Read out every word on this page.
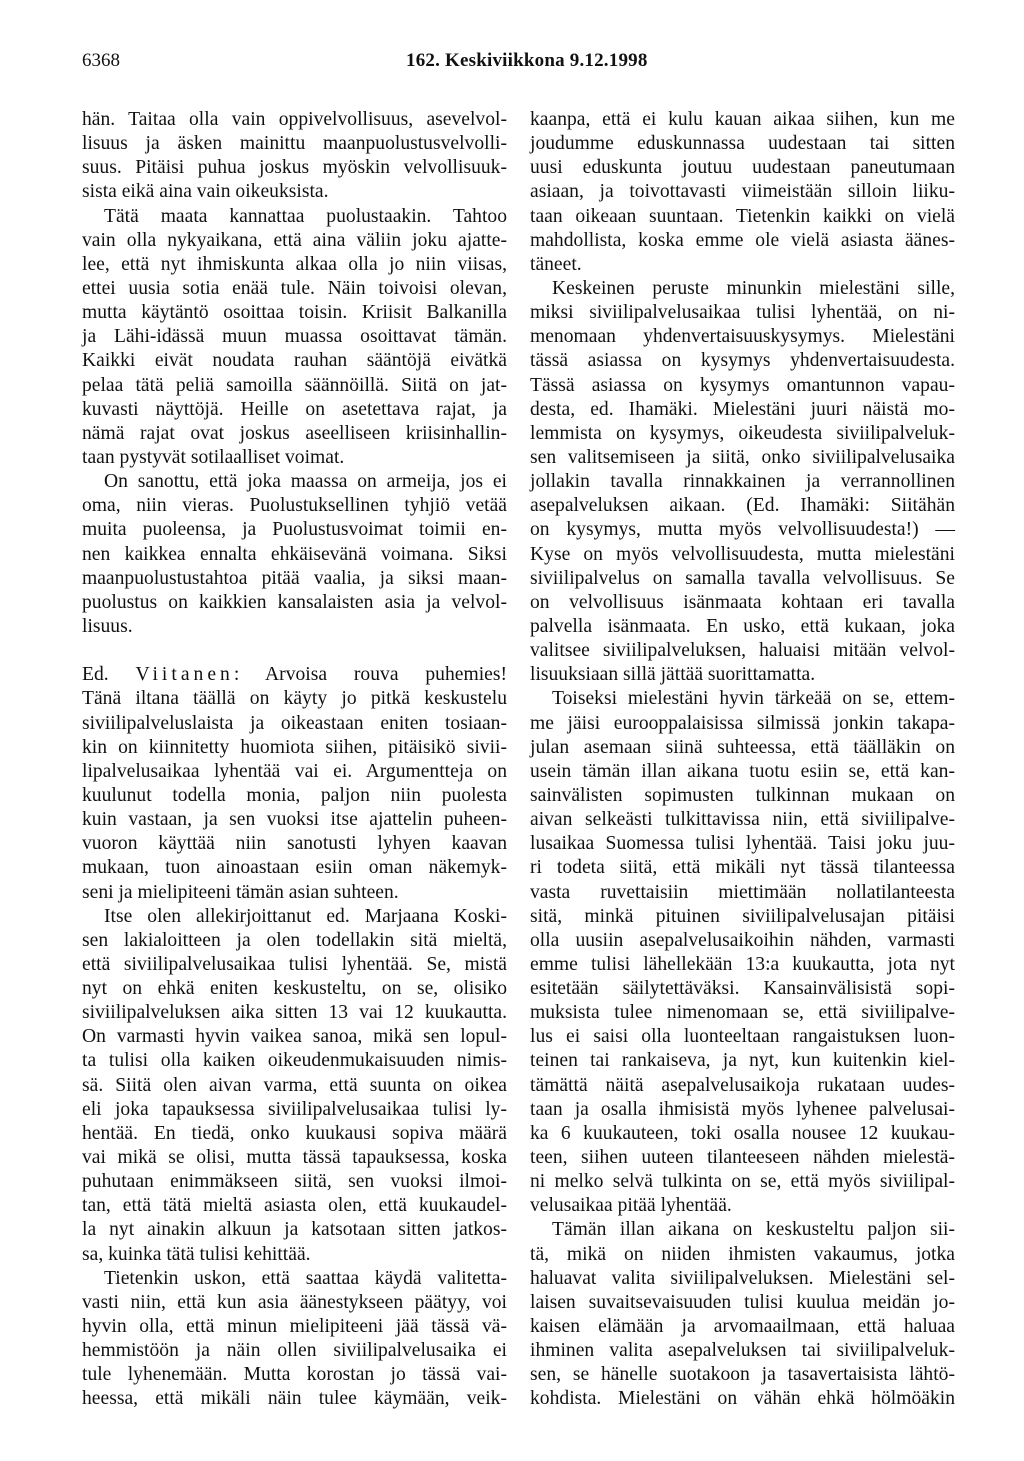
6368	162. Keskiviikkona 9.12.1998
hän. Taitaa olla vain oppivelvollisuus, asevelvol-
lisuus ja äsken mainittu maanpuolustusvelvolli-
suus. Pitäisi puhua joskus myöskin velvollisuuk-
sista eikä aina vain oikeuksista.
Tätä maata kannattaa puolustaakin. Tahtoo
vain olla nykyaikana, että aina väliin joku ajatte-
lee, että nyt ihmiskunta alkaa olla jo niin viisas,
ettei uusia sotia enää tule. Näin toivoisi olevan,
mutta käytäntö osoittaa toisin. Kriisit Balkanilla
ja Lähi-idässä muun muassa osoittavat tämän.
Kaikki eivät noudata rauhan sääntöjä eivätkä
pelaa tätä peliä samoilla säännöillä. Siitä on jat-
kuvasti näyttöjä. Heille on asetettava rajat, ja
nämä rajat ovat joskus aseelliseen kriisinhallin-
taan pystyvät sotilaalliset voimat.
On sanottu, että joka maassa on armeija, jos ei
oma, niin vieras. Puolustuksellinen tyhjiö vetää
muita puoleensa, ja Puolustusvoimat toimii en-
nen kaikkea ennalta ehkäisevänä voimana. Siksi
maanpuolustustahtoa pitää vaalia, ja siksi maan-
puolustus on kaikkien kansalaisten asia ja velvol-
lisuus.
Ed. Viitanen: Arvoisa rouva puhemies!
Tänä iltana täällä on käyty jo pitkä keskustelu
siviilipalveluslaista ja oikeastaan eniten tosiaan-
kin on kiinnitetty huomiota siihen, pitäisikö sivii-
lipalvelusaikaa lyhentää vai ei. Argumentteja on
kuulunut todella monia, paljon niin puolesta
kuin vastaan, ja sen vuoksi itse ajattelin puheen-
vuoron käyttää niin sanotusti lyhyen kaavan
mukaan, tuon ainoastaan esiin oman näkemyk-
seni ja mielipiteeni tämän asian suhteen.
Itse olen allekirjoittanut ed. Marjaana Koski-
sen lakialoitteen ja olen todellakin sitä mieltä,
että siviilipalvelusaikaa tulisi lyhentää. Se, mistä
nyt on ehkä eniten keskusteltu, on se, olisiko
siviilipalveluksen aika sitten 13 vai 12 kuukautta.
On varmasti hyvin vaikea sanoa, mikä sen lopul-
ta tulisi olla kaiken oikeudenmukaisuuden nimis-
sä. Siitä olen aivan varma, että suunta on oikea
eli joka tapauksessa siviilipalvelusaikaa tulisi ly-
hentää. En tiedä, onko kuukausi sopiva määrä
vai mikä se olisi, mutta tässä tapauksessa, koska
puhutaan enimmäkseen siitä, sen vuoksi ilmoi-
tan, että tätä mieltä asiasta olen, että kuukaudel-
la nyt ainakin alkuun ja katsotaan sitten jatkos-
sa, kuinka tätä tulisi kehittää.
Tietenkin uskon, että saattaa käydä valitetta-
vasti niin, että kun asia äänestykseen päätyy, voi
hyvin olla, että minun mielipiteeni jää tässä vä-
hemmistöön ja näin ollen siviilipalvelusaika ei
tule lyhenemään. Mutta korostan jo tässä vai-
heessa, että mikäli näin tulee käymään, veik-
kaanpa, että ei kulu kauan aikaa siihen, kun me
joudumme eduskunnassa uudestaan tai sitten
uusi eduskunta joutuu uudestaan paneutumaan
asiaan, ja toivottavasti viimeistään silloin liiku-
taan oikeaan suuntaan. Tietenkin kaikki on vielä
mahdollista, koska emme ole vielä asiasta äänes-
täneet.
Keskeinen peruste minunkin mielestäni sille,
miksi siviilipalvelusaikaa tulisi lyhentää, on ni-
menomaan yhdenvertaisuuskysymys. Mielestäni
tässä asiassa on kysymys yhdenvertaisuudesta.
Tässä asiassa on kysymys omantunnon vapau-
desta, ed. Ihamäki. Mielestäni juuri näistä mo-
lemmista on kysymys, oikeudesta siviilipalveluk-
sen valitsemiseen ja siitä, onko siviilipalvelusaika
jollakin tavalla rinnakkainen ja verrannollinen
asepalveluksen aikaan. (Ed. Ihamäki: Siitähän
on kysymys, mutta myös velvollisuudesta!) —
Kyse on myös velvollisuudesta, mutta mielestäni
siviilipalvelus on samalla tavalla velvollisuus. Se
on velvollisuus isänmaata kohtaan eri tavalla
palvella isänmaata. En usko, että kukaan, joka
valitsee siviilipalveluksen, haluaisi mitään velvol-
lisuuksiaan sillä jättää suorittamatta.
Toiseksi mielestäni hyvin tärkeää on se, ettem-
me jäisi eurooppalaisissa silmissä jonkin takapa-
julan asemaan siinä suhteessa, että täälläkin on
usein tämän illan aikana tuotu esiin se, että kan-
sainvälisten sopimusten tulkinnan mukaan on
aivan selkeästi tulkittavissa niin, että siviilipalve-
lusaikaa Suomessa tulisi lyhentää. Taisi joku juu-
ri todeta siitä, että mikäli nyt tässä tilanteessa
vasta ruvettaisiin miettimään nollatilanteesta
sitä, minkä pituinen siviilipalvelusajan pitäisi
olla uusiin asepalvelusaikoihin nähden, varmasti
emme tulisi lähellekään 13:a kuukautta, jota nyt
esitetään säilytettäväksi. Kansainvälisistä sopi-
muksista tulee nimenomaan se, että siviilipalve-
lus ei saisi olla luonteeltaan rangaistuksen luon-
teinen tai rankaiseva, ja nyt, kun kuitenkin kiel-
tämättä näitä asepalvelusaikoja rukataan uudes-
taan ja osalla ihmisistä myös lyhenee palvelusai-
ka 6 kuukauteen, toki osalla nousee 12 kuukau-
teen, siihen uuteen tilanteeseen nähden mielestä-
ni melko selvä tulkinta on se, että myös siviilipal-
velusaikaa pitää lyhentää.
Tämän illan aikana on keskusteltu paljon sii-
tä, mikä on niiden ihmisten vakaumus, jotka
haluavat valita siviilipalveluksen. Mielestäni sel-
laisen suvaitsevaisuuden tulisi kuulua meidän jo-
kaisen elämään ja arvomaailmaan, että haluaa
ihminen valita asepalveluksen tai siviilipalveluk-
sen, se hänelle suotakoon ja tasavertaisista lähtö-
kohdista. Mielestäni on vähän ehkä hölmöäkin
